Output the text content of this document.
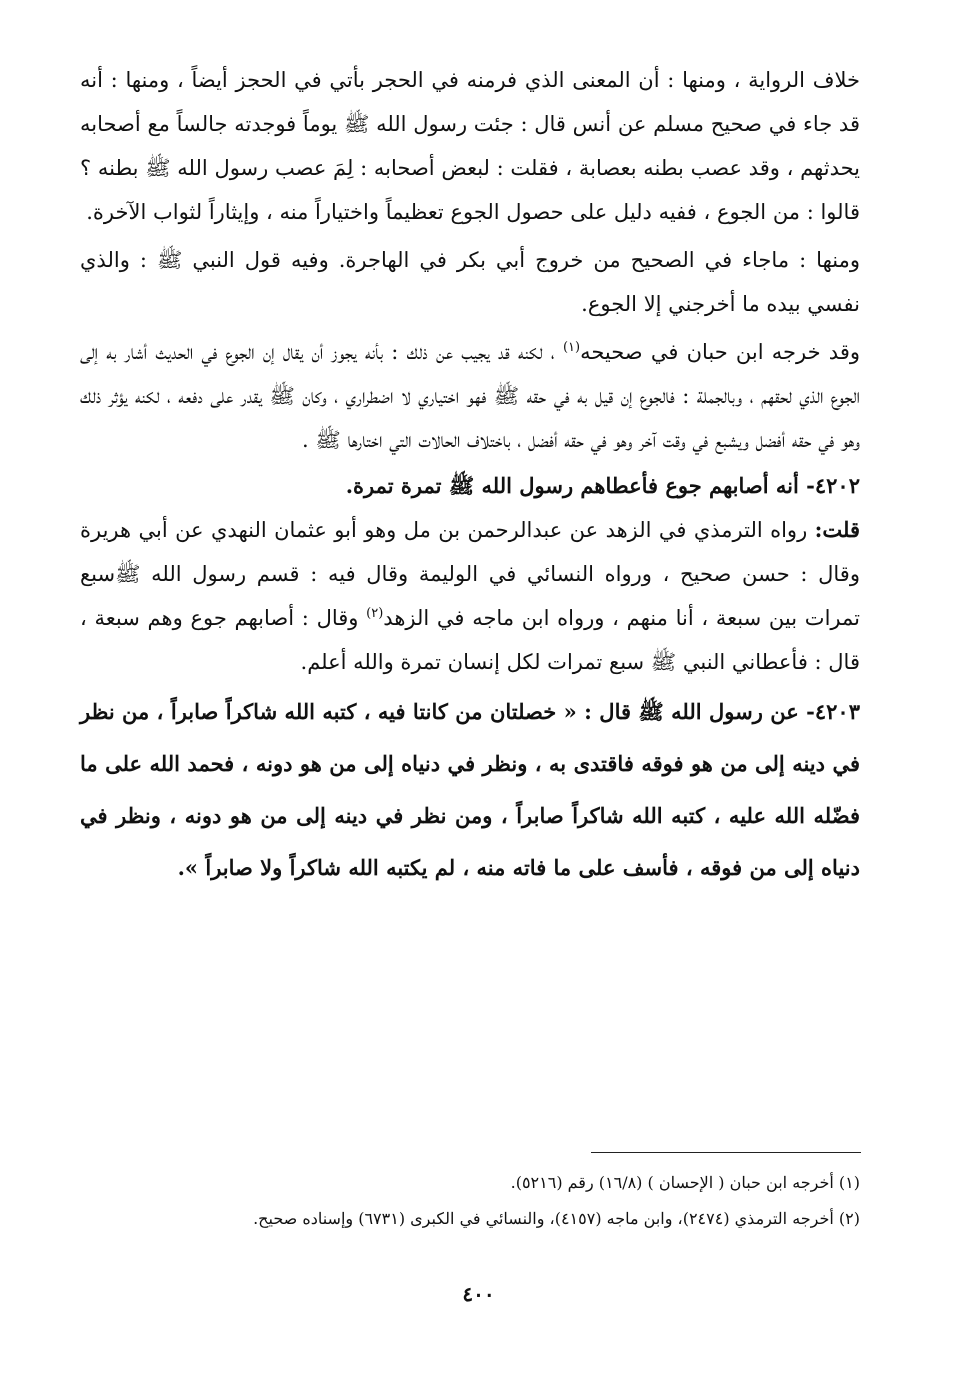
خلاف الرواية ، ومنها : أن المعنى الذي فرمنه في الحجر بأتي في الحجز أيضاً ، ومنها : أنه قد جاء في صحيح مسلم عن أنس قال : جئت رسول الله ﷺ يوماً فوجدته جالساً مع أصحابه يحدثهم ، وقد عصب بطنه بعصابة ، فقلت : لبعض أصحابه : لِمَ عصب رسول الله ﷺ بطنه ؟ قالوا : من الجوع ، ففيه دليل على حصول الجوع تعظيماً واختياراً منه ، وإيثاراً لثواب الآخرة.

ومنها : ماجاء في الصحيح من خروج أبي بكر في الهاجرة. وفيه قول النبي ﷺ : والذي نفسي بيده ما أخرجني إلا الجوع.

وقد خرجه ابن حبان في صحيحه$^{(١)}$ ، لكنه قد يجيب عن ذلك : بأنه يجوز أن يقال إن الجوع في الحديث أشار به إلى الجوع الذي لحقهم ، وبالجملة : فالجوع إن قيل به في حقه ﷺ فهو اختياري لا اضطراري ، وكان ﷺ يقدر على دفعه ، لكنه يؤثر ذلك وهو في حقه أفضل ويشبع في وقت آخر وهو في حقه أفضل ، باختلاف الحالات التي اختارها ﷺ .

٤٢٠٢- أنه أصابهم جوع فأعطاهم رسول الله ﷺ تمرة تمرة.

قلت: رواه الترمذي في الزهد عن عبدالرحمن بن مل وهو أبو عثمان النهدي عن أبي هريرة وقال : حسن صحيح ، ورواه النسائي في الوليمة وقال فيه : قسم رسول الله ﷺسبع تمرات بين سبعة ، أنا منهم ، ورواه ابن ماجه في الزهد$^{(٢)}$ وقال : أصابهم جوع وهم سبعة ، قال : فأعطاني النبي ﷺ سبع تمرات لكل إنسان تمرة والله أعلم.

٤٢٠٣- عن رسول الله ﷺ قال : « خصلتان من كانتا فيه ، كتبه الله شاكراً صابراً ، من نظر في دينه إلى من هو فوقه فاقتدى به ، ونظر في دنياه إلى من هو دونه ، فحمد الله على ما فضّله الله عليه ، كتبه الله شاكراً صابراً ، ومن نظر في دينه إلى من هو دونه ، ونظر في دنياه إلى من فوقه ، فأسف على ما فاته منه ، لم يكتبه الله شاكراً ولا صابراً ».

(١) أخرجه ابن حبان ( الإحسان ) (١٦/٨) رقم (٥٢١٦).

(٢) أخرجه الترمذي (٢٤٧٤)، وابن ماجه (٤١٥٧)، والنسائي في الكبرى (٦٧٣١) وإسناده صحيح.

٤٠٠
